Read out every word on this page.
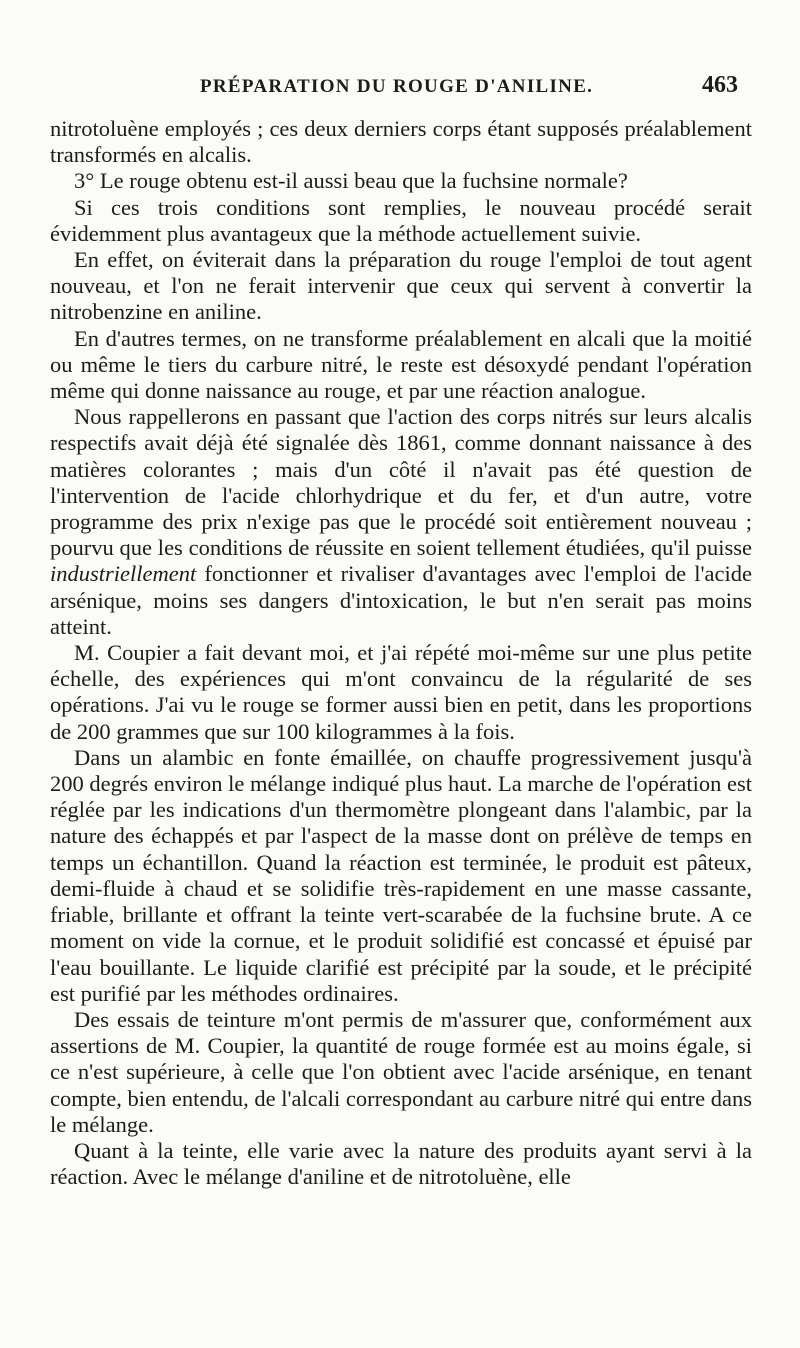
PRÉPARATION DU ROUGE D'ANILINE.	463

nitrotoluène employés ; ces deux derniers corps étant supposés préalablement transformés en alcalis.

3° Le rouge obtenu est-il aussi beau que la fuchsine normale?

Si ces trois conditions sont remplies, le nouveau procédé serait évidemment plus avantageux que la méthode actuellement suivie.

En effet, on éviterait dans la préparation du rouge l'emploi de tout agent nouveau, et l'on ne ferait intervenir que ceux qui servent à convertir la nitrobenzine en aniline.

En d'autres termes, on ne transforme préalablement en alcali que la moitié ou même le tiers du carbure nitré, le reste est désoxydé pendant l'opération même qui donne naissance au rouge, et par une réaction analogue.

Nous rappellerons en passant que l'action des corps nitrés sur leurs alcalis respectifs avait déjà été signalée dès 1861, comme donnant naissance à des matières colorantes ; mais d'un côté il n'avait pas été question de l'intervention de l'acide chlorhydrique et du fer, et d'un autre, votre programme des prix n'exige pas que le procédé soit entièrement nouveau ; pourvu que les conditions de réussite en soient tellement étudiées, qu'il puisse industriellement fonctionner et rivaliser d'avantages avec l'emploi de l'acide arsénique, moins ses dangers d'intoxication, le but n'en serait pas moins atteint.

M. Coupier a fait devant moi, et j'ai répété moi-même sur une plus petite échelle, des expériences qui m'ont convaincu de la régularité de ses opérations. J'ai vu le rouge se former aussi bien en petit, dans les proportions de 200 grammes que sur 100 kilogrammes à la fois.

Dans un alambic en fonte émaillée, on chauffe progressivement jusqu'à 200 degrés environ le mélange indiqué plus haut. La marche de l'opération est réglée par les indications d'un thermomètre plongeant dans l'alambic, par la nature des échappés et par l'aspect de la masse dont on prélève de temps en temps un échantillon. Quand la réaction est terminée, le produit est pâteux, demi-fluide à chaud et se solidifie très-rapidement en une masse cassante, friable, brillante et offrant la teinte vert-scarabée de la fuchsine brute. A ce moment on vide la cornue, et le produit solidifié est concassé et épuisé par l'eau bouillante. Le liquide clarifié est précipité par la soude, et le précipité est purifié par les méthodes ordinaires.

Des essais de teinture m'ont permis de m'assurer que, conformément aux assertions de M. Coupier, la quantité de rouge formée est au moins égale, si ce n'est supérieure, à celle que l'on obtient avec l'acide arsénique, en tenant compte, bien entendu, de l'alcali correspondant au carbure nitré qui entre dans le mélange.

Quant à la teinte, elle varie avec la nature des produits ayant servi à la réaction. Avec le mélange d'aniline et de nitrotoluène, elle
